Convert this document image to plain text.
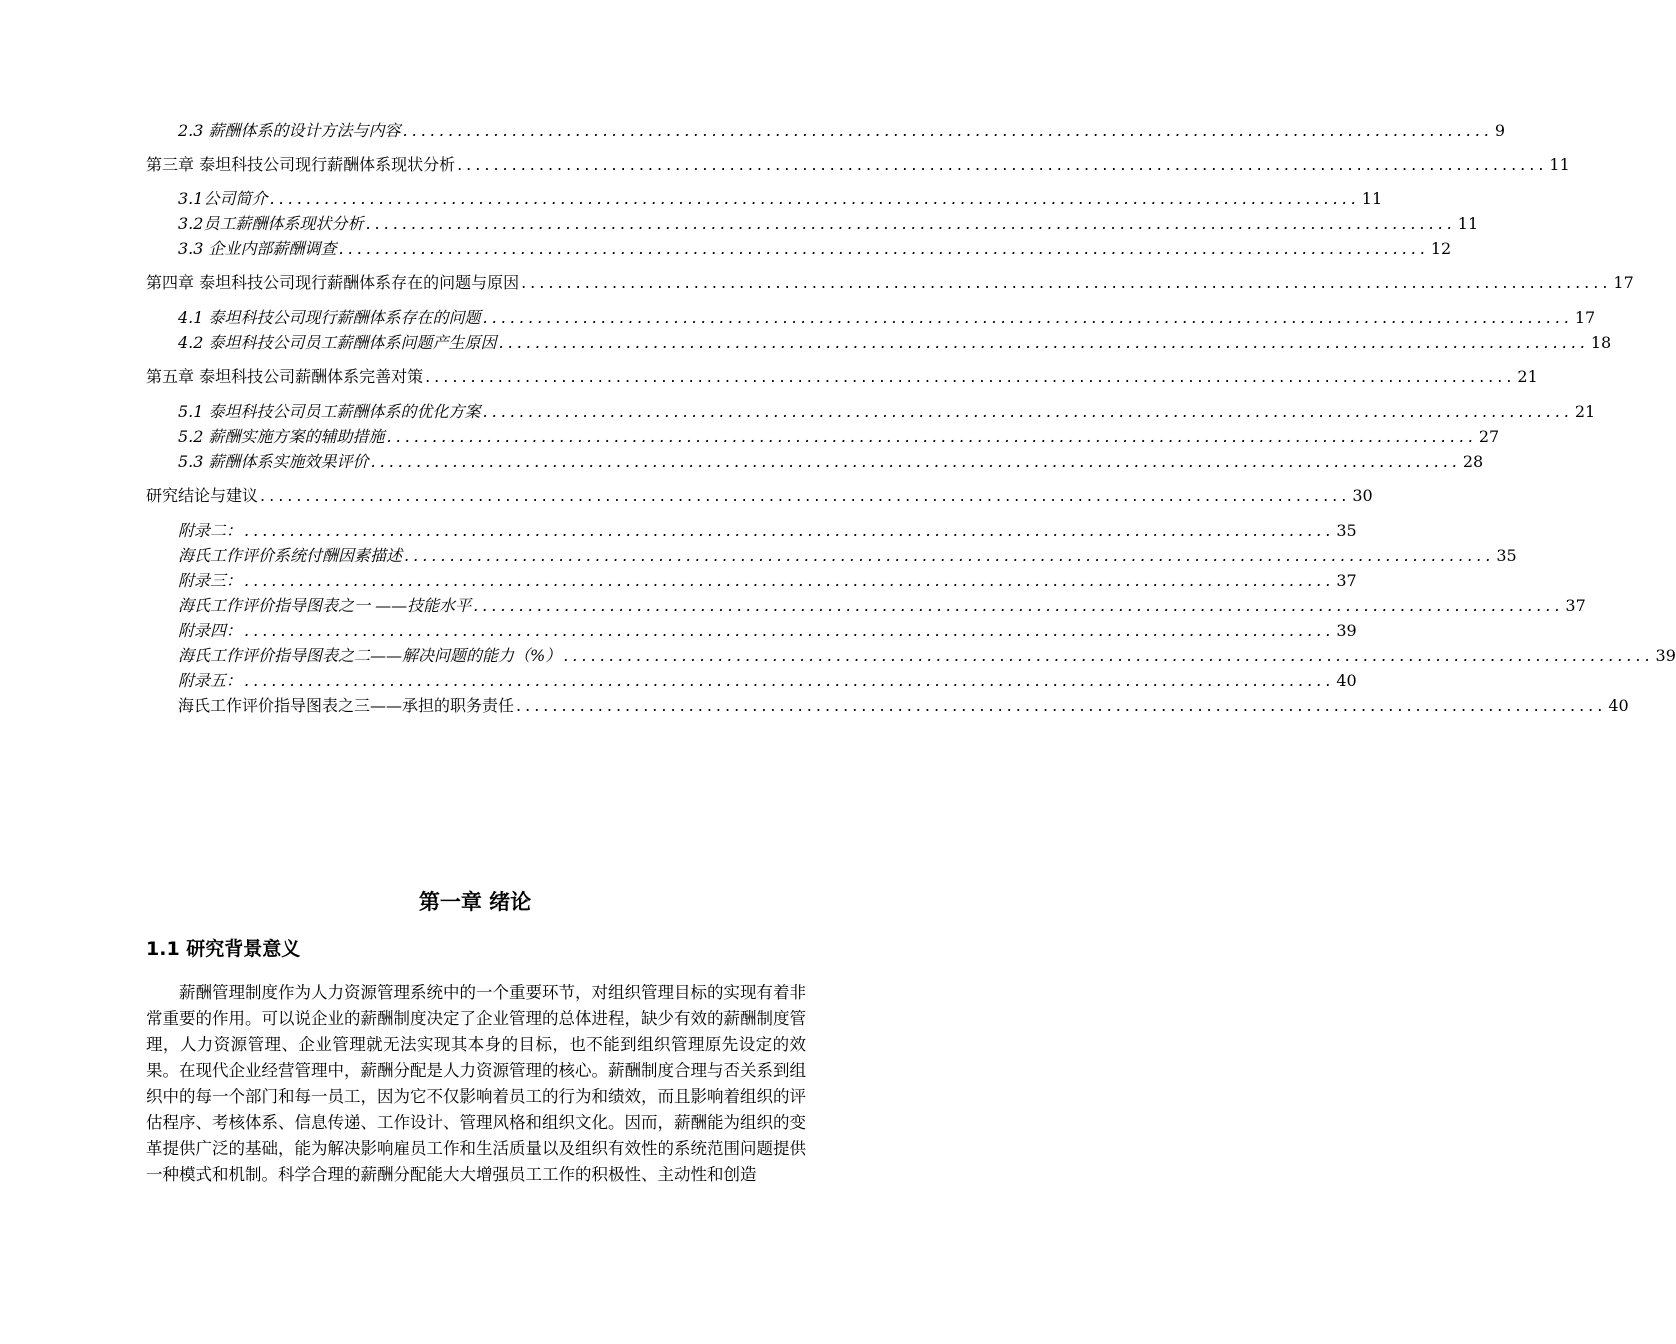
2.3 薪酬体系的设计方法与内容 ........................................................................................................................ 9
第三章 泰坦科技公司现行薪酬体系现状分析 ........................................................................................................................ 11
3.1公司简介 ........................................................................................................................ 11
3.2员工薪酬体系现状分析 ........................................................................................................................ 11
3.3 企业内部薪酬调查 ........................................................................................................................ 12
第四章 泰坦科技公司现行薪酬体系存在的问题与原因 ........................................................................................................................ 17
4.1 泰坦科技公司现行薪酬体系存在的问题 ........................................................................................................................ 17
4.2 泰坦科技公司员工薪酬体系问题产生原因 ........................................................................................................................ 18
第五章 泰坦科技公司薪酬体系完善对策 ........................................................................................................................ 21
5.1 泰坦科技公司员工薪酬体系的优化方案 ........................................................................................................................ 21
5.2 薪酬实施方案的辅助措施 ........................................................................................................................ 27
5.3 薪酬体系实施效果评价 ........................................................................................................................ 28
研究结论与建议 ........................................................................................................................ 30
附录二： ........................................................................................................................ 35
海氏工作评价系统付酬因素描述 ........................................................................................................................ 35
附录三： ........................................................................................................................ 37
海氏工作评价指导图表之一 ——技能水平 ........................................................................................................................ 37
附录四： ........................................................................................................................ 39
海氏工作评价指导图表之二——解决问题的能力（%） ........................................................................................................................ 39
附录五： ........................................................................................................................ 40
海氏工作评价指导图表之三——承担的职务责任 ........................................................................................................................ 40
第一章 绪论
1.1 研究背景意义

薪酬管理制度作为人力资源管理系统中的一个重要环节，对组织管理目标的实现有着非常重要的作用。可以说企业的薪酬制度决定了企业管理的总体进程，缺少有效的薪酬制度管理，人力资源管理、企业管理就无法实现其本身的目标，也不能到组织管理原先设定的效果。在现代企业经营管理中，薪酬分配是人力资源管理的核心。薪酬制度合理与否关系到组织中的每一个部门和每一员工，因为它不仅影响着员工的行为和绩效，而且影响着组织的评估程序、考核体系、信息传递、工作设计、管理风格和组织文化。因而，薪酬能为组织的变革提供广泛的基础，能为解决影响雇员工作和生活质量以及组织有效性的系统范围问题提供一种模式和机制。科学合理的薪酬分配能大大增强员工工作的积极性、主动性和创造
